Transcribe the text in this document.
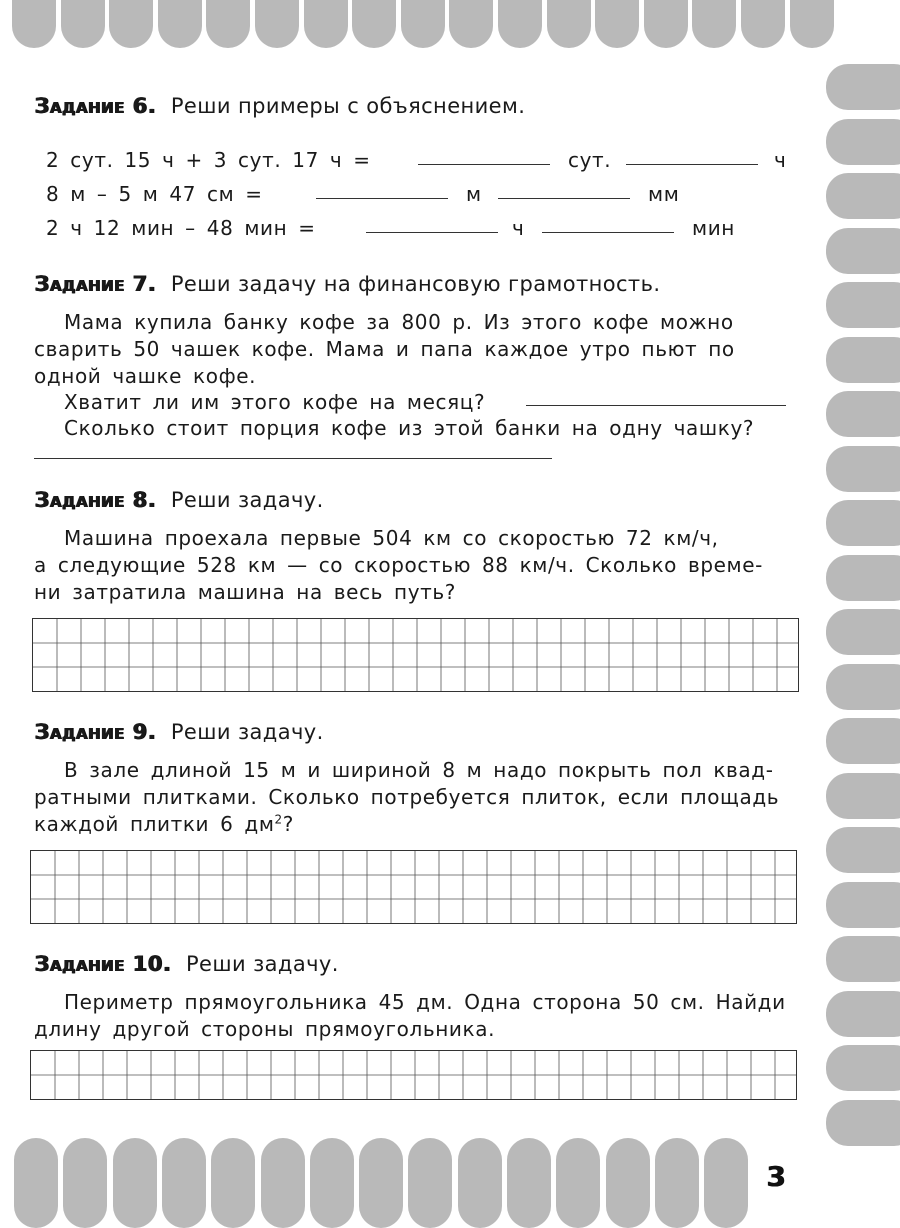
Задание 6. Реши примеры с объяснением.
2 сут. 15 ч + 3 сут. 17 ч =	сут.	ч
8 м – 5 м 47 см =	м	мм
2 ч 12 мин – 48 мин =	ч	мин
Задание 7. Реши задачу на финансовую грамотность.
Мама купила банку кофе за 800 р. Из этого кофе можно
сварить 50 чашек кофе. Мама и папа каждое утро пьют по
одной чашке кофе.
Хватит ли им этого кофе на месяц?
Сколько стоит порция кофе из этой банки на одну чашку?
Задание 8. Реши задачу.
Машина проехала первые 504 км со скоростью 72 км/ч,
а следующие 528 км — со скоростью 88 км/ч. Сколько време-
ни затратила машина на весь путь?
Задание 9. Реши задачу.
В зале длиной 15 м и шириной 8 м надо покрыть пол квад-
ратными плитками. Сколько потребуется плиток, если площадь
каждой плитки 6 $дм^2$?
Задание 10. Реши задачу.
Периметр прямоугольника 45 дм. Одна сторона 50 см. Найди
длину другой стороны прямоугольника.
3
